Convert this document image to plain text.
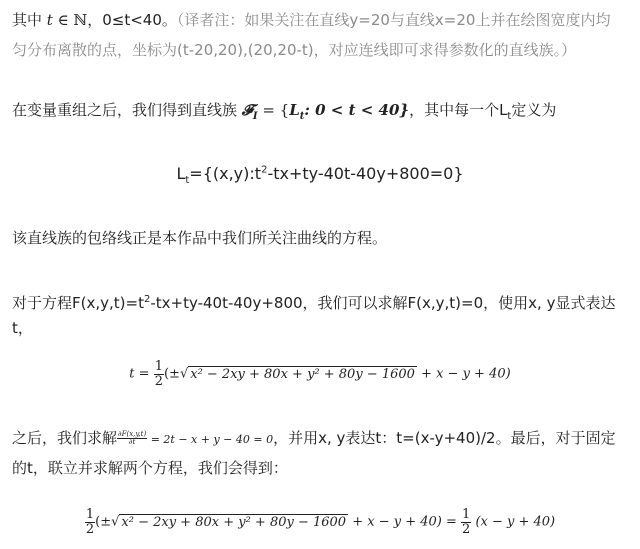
其中 t ∈ ℕ，0≤t<40。（译者注：如果关注在直线y=20与直线x=20上并在绘图宽度内均
匀分布离散的点，坐标为(t-20,20),(20,20-t)，对应连线即可求得参数化的直线族。）
在变量重组之后，我们得到直线族 𝓕$_I$ = {$L_t$: 0 < t < 40}，其中每一个$L_t$定义为
$L_t=\{(x,y):t^2-tx+ty-40t-40y+800=0\}$
该直线族的包络线正是本作品中我们所关注曲线的方程。
对于方程$F(x,y,t)=t^2-tx+ty-40t-40y+800$，我们可以求解F(x,y,t)=0，使用x, y显式表达
t，
$t = \frac{1}{2}$ (±√ x² − 2xy + 80x + y² + 80y − 1600 + x − y + 40)
之后，我们求解 $\frac{\partial F(x,y,t)}{\partial t} = 2t - x + y - 40 = 0$，并用x, y表达t：t=(x-y+40)/2。最后，对于固定
的t，联立并求解两个方程，我们会得到：
$\frac{1}{2}$ (±√ $x^2 - 2xy + 80x + y^2 + 80y - 1600 + x - y + 40) = \frac{1}{2} (x - y + 40)$
